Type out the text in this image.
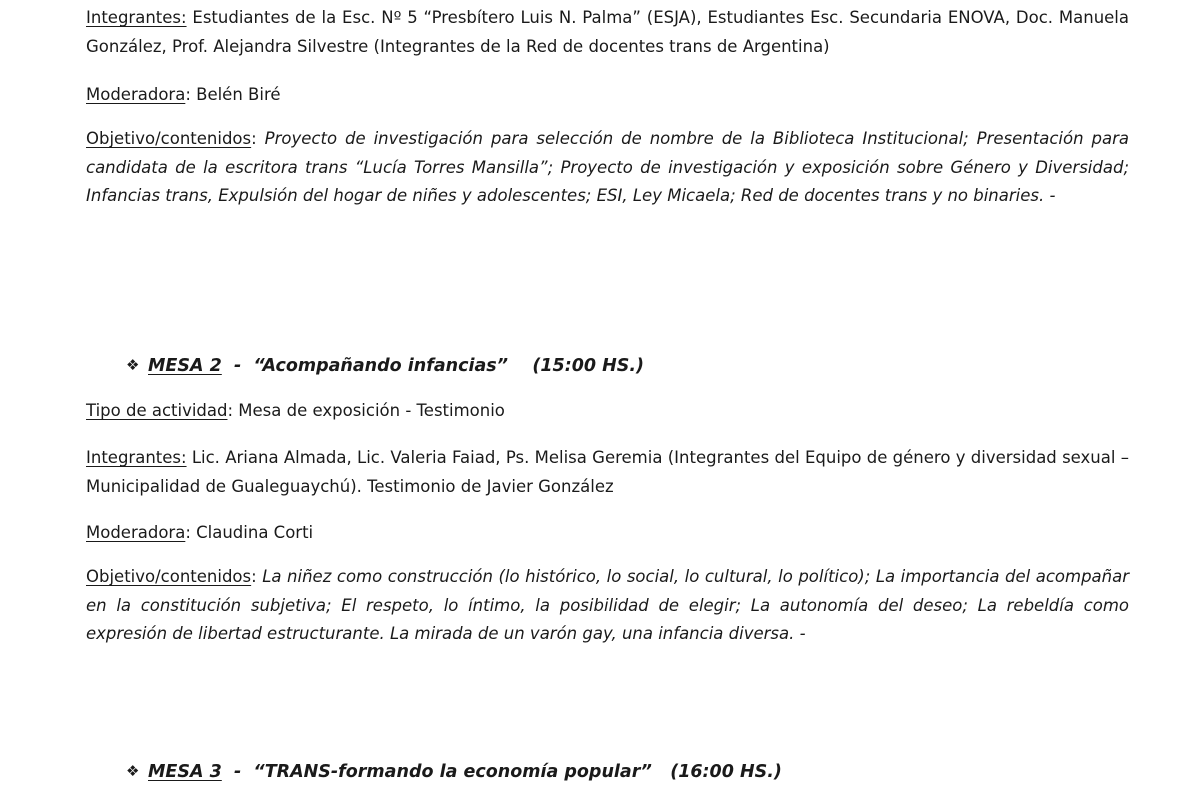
Integrantes: Estudiantes de la Esc. Nº 5 “Presbítero Luis N. Palma” (ESJA), Estudiantes Esc. Secundaria ENOVA, Doc. Manuela González, Prof. Alejandra Silvestre (Integrantes de la Red de docentes trans de Argentina)

Moderadora: Belén Biré

Objetivo/contenidos: Proyecto de investigación para selección de nombre de la Biblioteca Institucional; Presentación para candidata de la escritora trans “Lucía Torres Mansilla”; Proyecto de investigación y exposición sobre Género y Diversidad; Infancias trans, Expulsión del hogar de niñes y adolescentes; ESI, Ley Micaela; Red de docentes trans y no binaries. -

❖ MESA 2  -  “Acompañando infancias”    (15:00 HS.)

Tipo de actividad: Mesa de exposición - Testimonio

Integrantes: Lic. Ariana Almada, Lic. Valeria Faiad, Ps. Melisa Geremia (Integrantes del Equipo de género y diversidad sexual – Municipalidad de Gualeguaychú). Testimonio de Javier González

Moderadora: Claudina Corti

Objetivo/contenidos: La niñez como construcción (lo histórico, lo social, lo cultural, lo político); La importancia del acompañar en la constitución subjetiva; El respeto, lo íntimo, la posibilidad de elegir; La autonomía del deseo; La rebeldía como expresión de libertad estructurante. La mirada de un varón gay, una infancia diversa. -

❖ MESA 3  -  “TRANS-formando la economía popular”   (16:00 HS.)
